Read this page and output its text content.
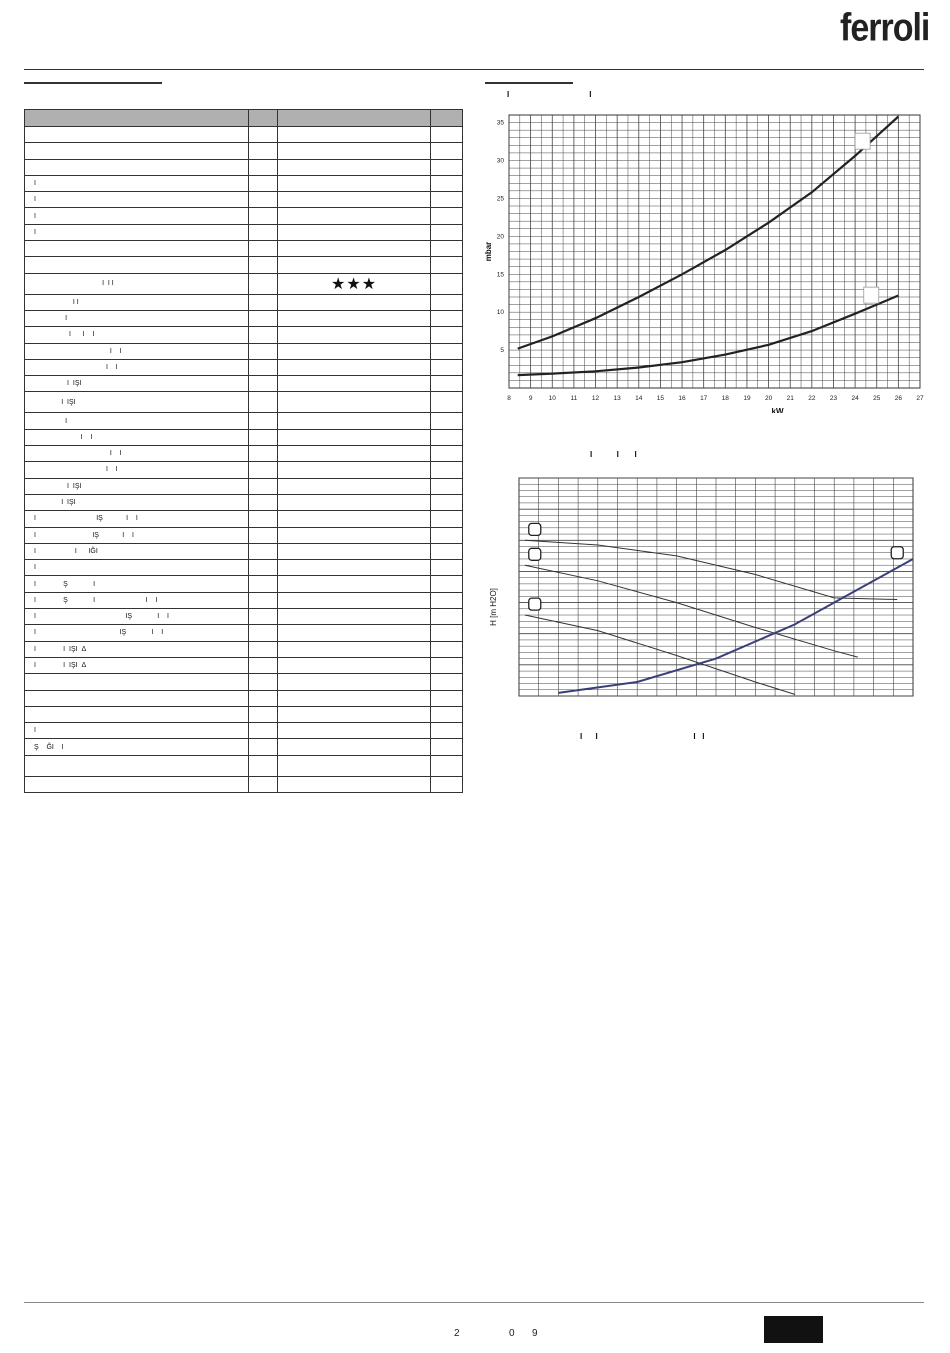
ferroli

I			
I			
I			
I			

I  I I		★★★	
I I			
I			
I      I    I			
I    I			
I    I			
I  IŞI			
I  IŞI			
I			
I    I			
I    I			
I    I			
I  IŞI			
I  IŞI			
I                               IŞ            I    I			
I                             IŞ            I    I			
I                    I      IĞI			
I			
I              Ş             I			
I              Ş             I                          I    I			
I                                              IŞ             I    I			
I                                           IŞ             I    I			
I              I  IŞI  Δ			
I              I  IŞI  Δ			

I			
Ş    ĞI    I			

I                                    I
8	9 10 11 12 13 14 15 16 17 18 19 20 21 22 23 24 25 26 27
5
10
15
20
25
30
35
kW
mbar
I           I       I
H [m H2O]
I      I                                           I   I
2	0 9
